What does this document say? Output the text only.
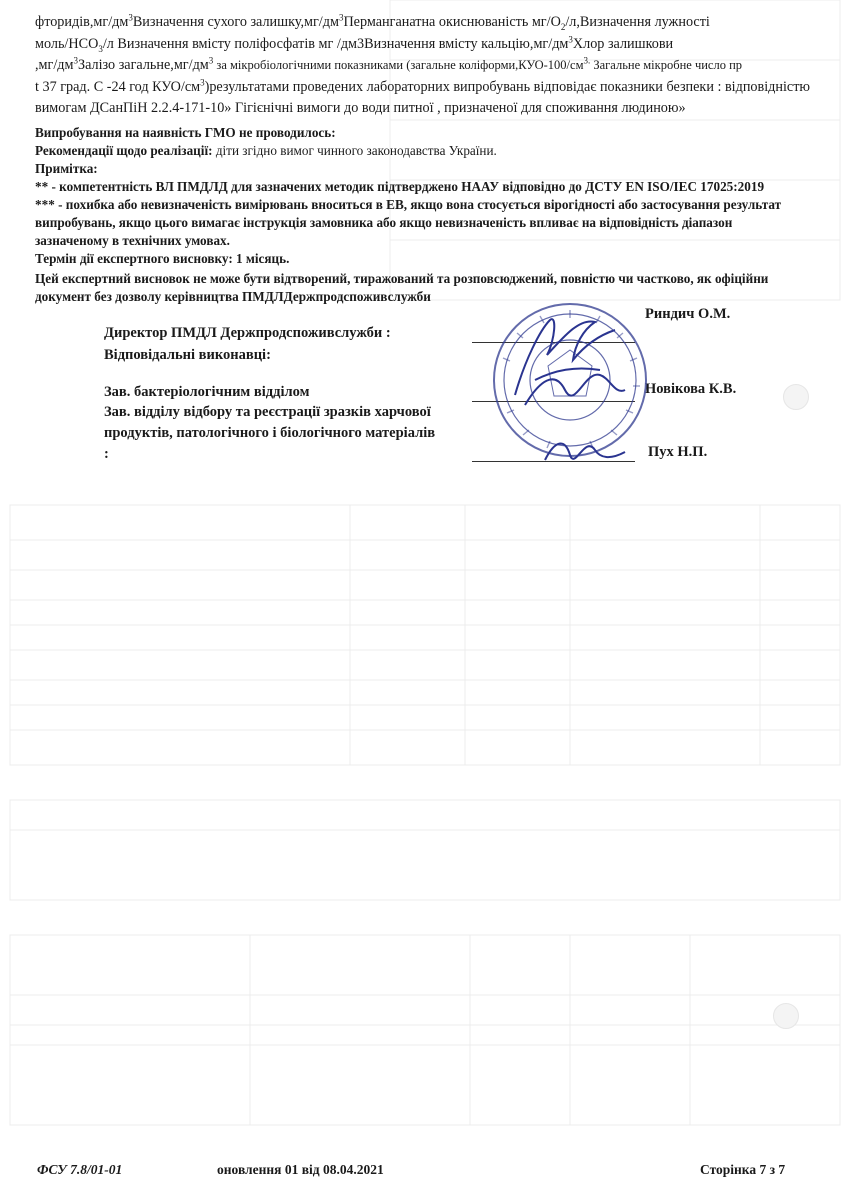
$фторидів,мг/дм^3Визначення$ сухого $залишку,мг/дм^3Перманганатна$ окиснюваність $мг/О_2/л,Визначення$ лужності
моль/$НСО_3/л$ Визначення вмісту поліфосфатів мг /дм3Визначення вмісту $кальцію,мг/дм^3Хлор$ залишкови
$,мг/дм^3Залізо$ $загальне,мг/дм^3$ за мікробіологічними показниками (загальне $коліформи,КУО-100/см^{3.}$ Загальне мікробне число пр
t 37 град. С -24 год КУО/$см^3)результатами$ проведених лабораторних випробувань відповідає показники безпеки : відповідністю
вимогам ДСанПіН 2.2.4-171-10» Гігієнічні вимоги до води питної , призначеної для споживання людиною»
Випробування на наявність ГМО не проводилось:
Рекомендації щодо реалізації: діти згідно вимог чинного законодавства України.
Примітка:
** - компетентність ВЛ ПМДЛД для зазначених методик підтверджено НААУ відповідно до ДСТУ EN ISO/IEC 17025:2019
*** - похибка або невизначеність вимірювань вноситься в ЕВ, якщо вона стосується вірогідності або застосування результат
випробувань, якщо цього вимагає інструкція замовника або якщо невизначеність впливає на відповідність діапазон
зазначеному в технічних умовах.
Термін дії експертного висновку: 1 місяць.
Цей експертний висновок не може бути відтворений, тиражований та розповсюджений, повністю чи частково, як офіційни
документ без дозволу керівництва ПМДЛДержпродспоживслужби
Директор ПМДЛ Держпродспоживслужби :
Риндич О.М.
Відповідальні виконавці:
Зав. бактеріологічним відділом	Новікова К.В.
Зав. відділу відбору та реєстрації зразків харчової
продуктів, патологічного і біологічного матеріалів
:	Пух Н.П.
ФСУ 7.8/01-01	оновлення 01 від 08.04.2021	Сторінка 7 з 7
